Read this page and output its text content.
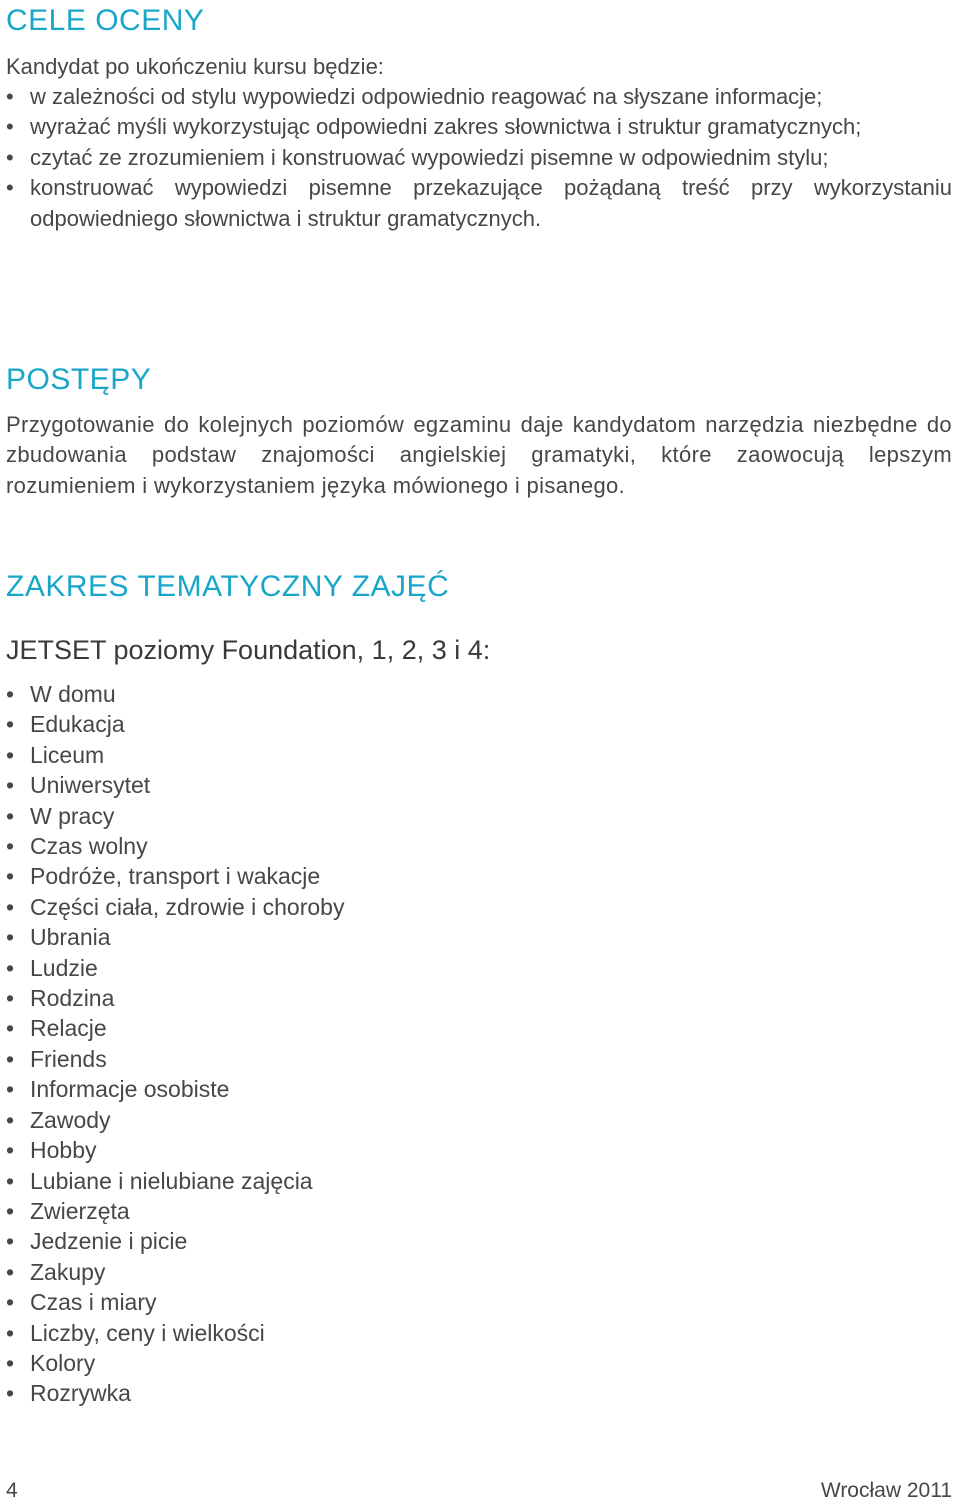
CELE OCENY

Kandydat po ukończeniu kursu będzie:

• w zależności od stylu wypowiedzi odpowiednio reagować na słyszane informacje;
• wyrażać myśli wykorzystując odpowiedni zakres słownictwa i struktur gramatycznych;
• czytać ze zrozumieniem i konstruować wypowiedzi pisemne w odpowiednim stylu;
• konstruować wypowiedzi pisemne przekazujące pożądaną treść przy wykorzystaniu odpowiedniego słownictwa i struktur gramatycznych.
POSTĘPY

Przygotowanie do kolejnych poziomów egzaminu daje kandydatom narzędzia niezbędne do zbudowania podstaw znajomości angielskiej gramatyki, które zaowocują lepszym rozumieniem i wykorzystaniem języka mówionego i pisanego.

ZAKRES TEMATYCZNY ZAJĘĆ

JETSET poziomy Foundation, 1, 2, 3 i 4:

• W domu
• Edukacja
• Liceum
• Uniwersytet
• W pracy
• Czas wolny
• Podróże, transport i wakacje
• Części ciała, zdrowie i choroby
• Ubrania
• Ludzie
• Rodzina
• Relacje
• Friends
• Informacje osobiste
• Zawody
• Hobby
• Lubiane i nielubiane zajęcia
• Zwierzęta
• Jedzenie i picie
• Zakupy
• Czas i miary
• Liczby, ceny i wielkości
• Kolory
• Rozrywka
4	Wrocław 2011
